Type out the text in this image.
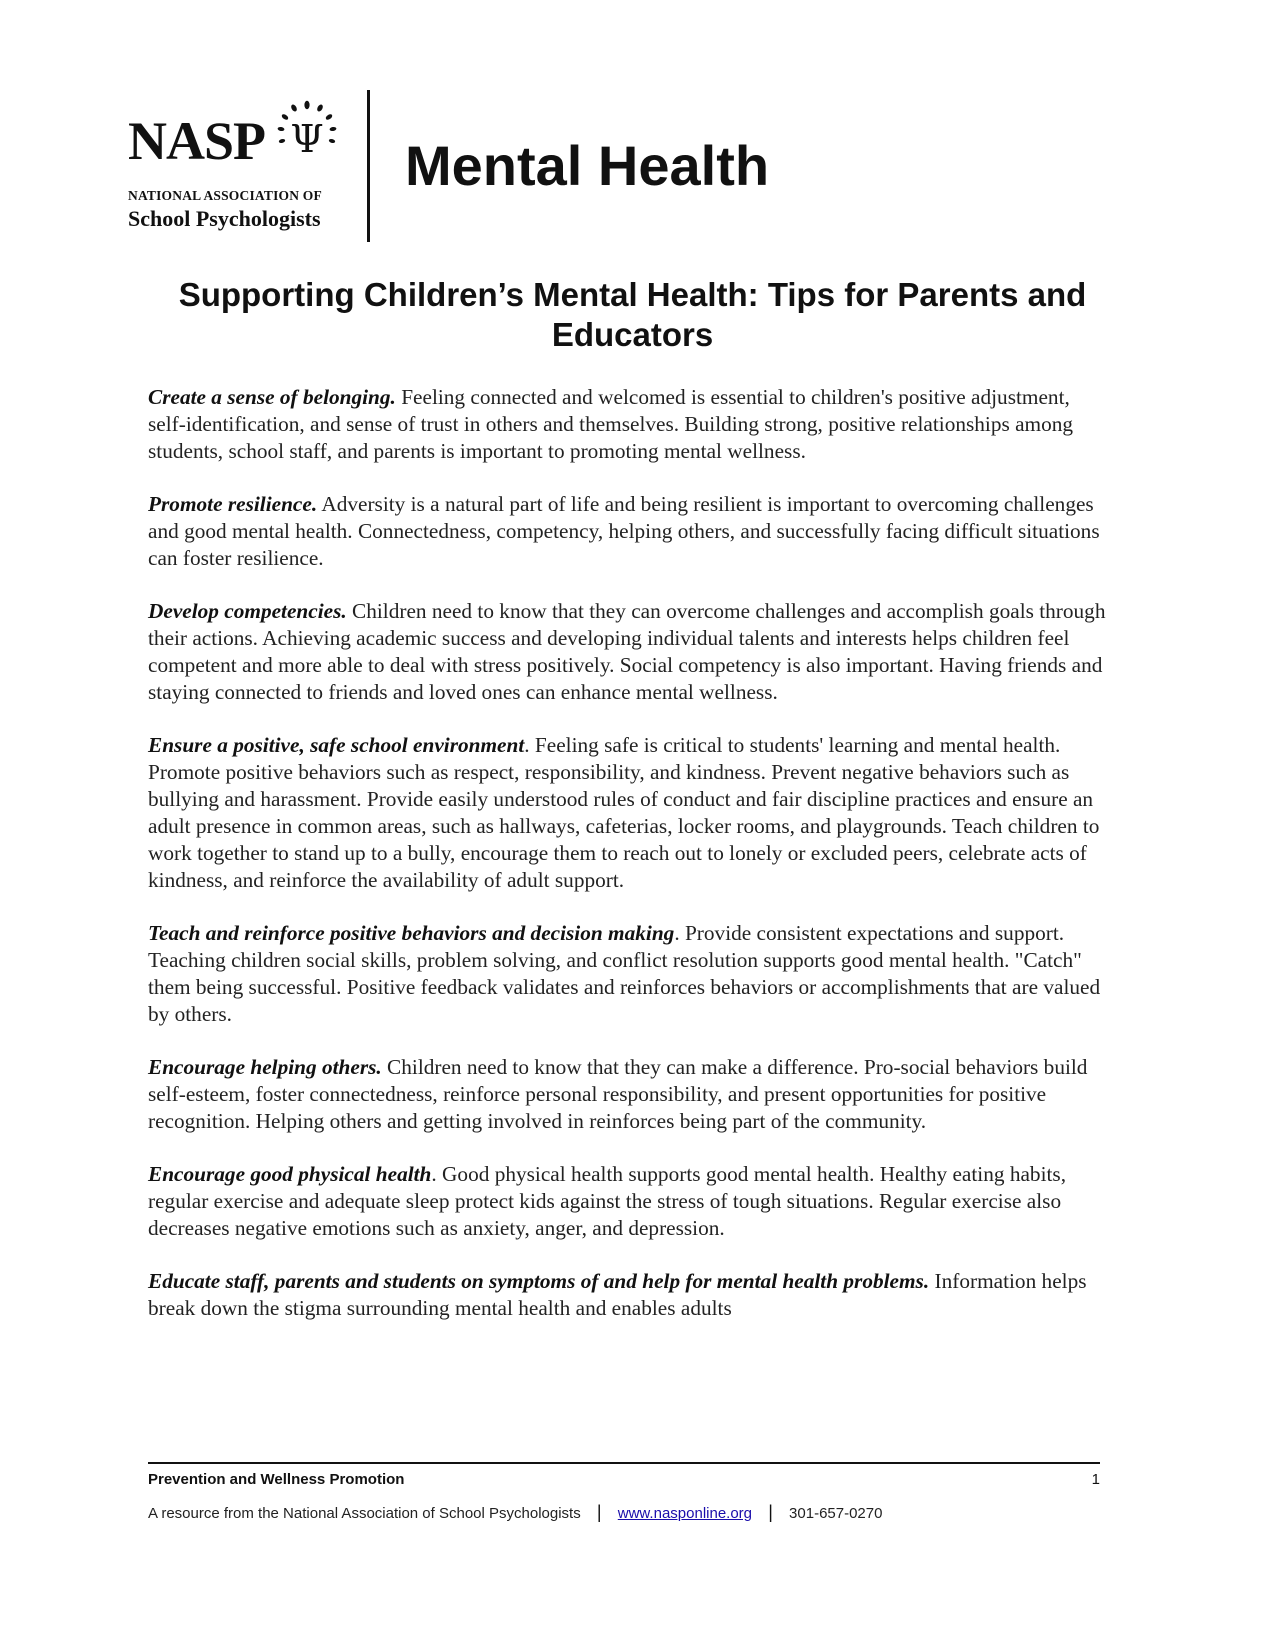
NASP Ψ
NATIONAL ASSOCIATION OF
School Psychologists
Mental Health
Supporting Children’s Mental Health: Tips for Parents and Educators

Create a sense of belonging. Feeling connected and welcomed is essential to children's positive adjustment, self-identification, and sense of trust in others and themselves. Building strong, positive relationships among students, school staff, and parents is important to promoting mental wellness.

Promote resilience. Adversity is a natural part of life and being resilient is important to overcoming challenges and good mental health. Connectedness, competency, helping others, and successfully facing difficult situations can foster resilience.

Develop competencies. Children need to know that they can overcome challenges and accomplish goals through their actions. Achieving academic success and developing individual talents and interests helps children feel competent and more able to deal with stress positively. Social competency is also important. Having friends and staying connected to friends and loved ones can enhance mental wellness.

Ensure a positive, safe school environment. Feeling safe is critical to students' learning and mental health. Promote positive behaviors such as respect, responsibility, and kindness. Prevent negative behaviors such as bullying and harassment. Provide easily understood rules of conduct and fair discipline practices and ensure an adult presence in common areas, such as hallways, cafeterias, locker rooms, and playgrounds. Teach children to work together to stand up to a bully, encourage them to reach out to lonely or excluded peers, celebrate acts of kindness, and reinforce the availability of adult support.

Teach and reinforce positive behaviors and decision making. Provide consistent expectations and support. Teaching children social skills, problem solving, and conflict resolution supports good mental health. "Catch" them being successful. Positive feedback validates and reinforces behaviors or accomplishments that are valued by others.

Encourage helping others. Children need to know that they can make a difference. Pro-social behaviors build self-esteem, foster connectedness, reinforce personal responsibility, and present opportunities for positive recognition. Helping others and getting involved in reinforces being part of the community.

Encourage good physical health. Good physical health supports good mental health. Healthy eating habits, regular exercise and adequate sleep protect kids against the stress of tough situations. Regular exercise also decreases negative emotions such as anxiety, anger, and depression.

Educate staff, parents and students on symptoms of and help for mental health problems. Information helps break down the stigma surrounding mental health and enables adults

Prevention and Wellness Promotion	1
A resource from the National Association of School Psychologists | www.nasponline.org | 301-657-0270
